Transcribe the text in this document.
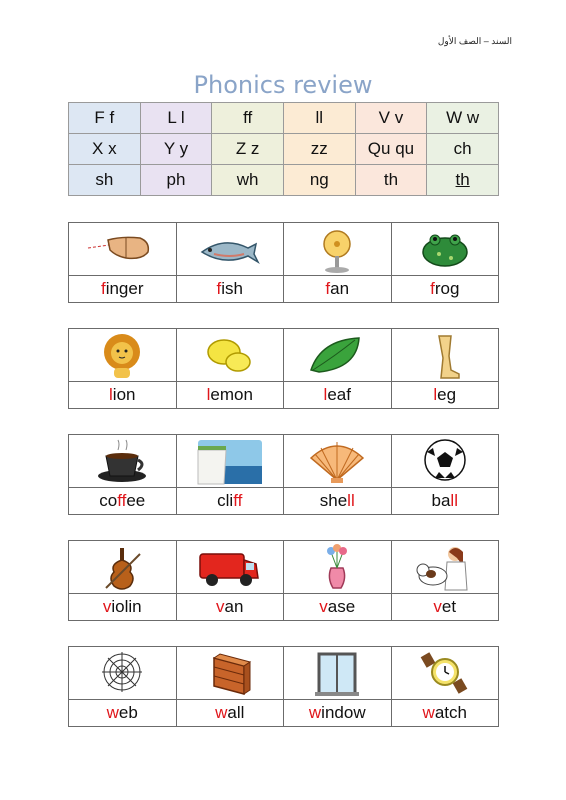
السند – الصف الأول
Phonics review
F f	L l	ff	ll	V v	W w
X x	Y y	Z z	zz	Qu qu	ch
sh	ph	wh	ng	th	th

finger	fish	fan	frog

lion	lemon	leaf	leg

coffee	cliff	shell	ball

violin	van	vase	vet

web	wall	window	watch
